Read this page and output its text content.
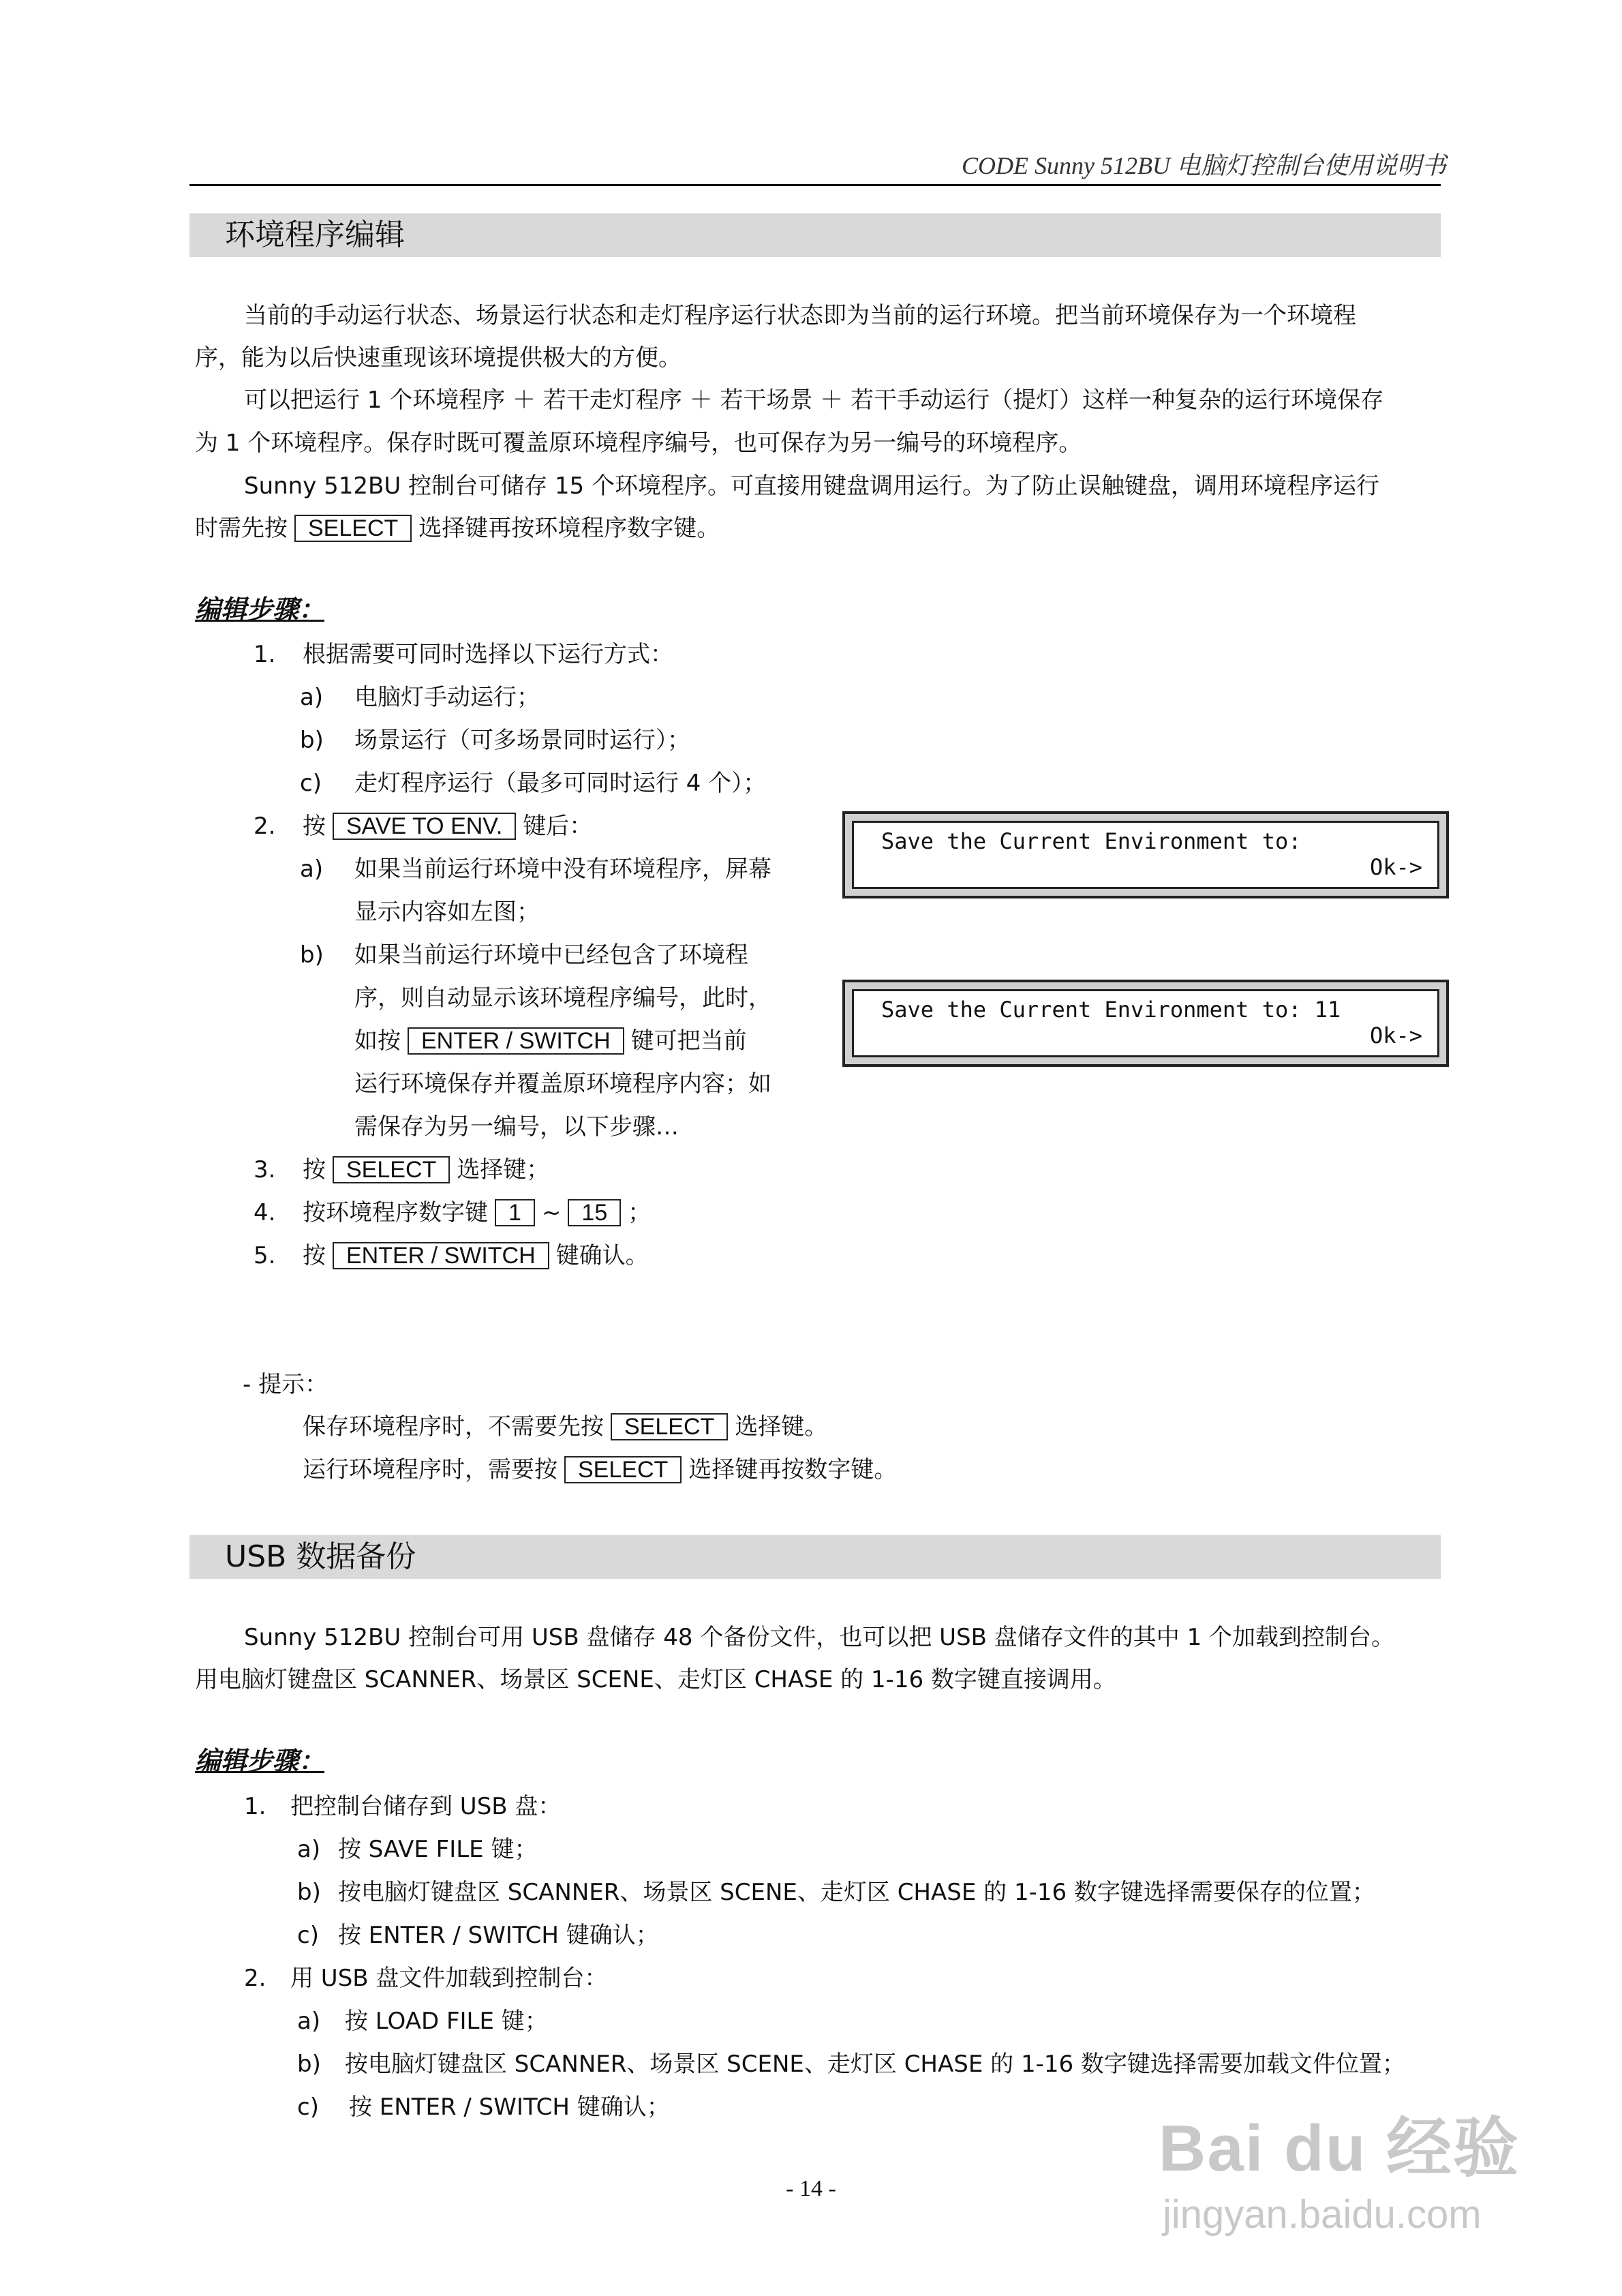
CODE Sunny 512BU 电脑灯控制台使用说明书
环境程序编辑
当前的手动运行状态、场景运行状态和走灯程序运行状态即为当前的运行环境。把当前环境保存为一个环境程
序，能为以后快速重现该环境提供极大的方便。
可以把运行 1 个环境程序 ＋ 若干走灯程序 ＋ 若干场景 ＋ 若干手动运行（提灯）这样一种复杂的运行环境保存
为 1 个环境程序。保存时既可覆盖原环境程序编号，也可保存为另一编号的环境程序。
Sunny 512BU 控制台可储存 15 个环境程序。可直接用键盘调用运行。为了防止误触键盘，调用环境程序运行
时需先按 SELECT 选择键再按环境程序数字键。
编辑步骤：
1. 根据需要可同时选择以下运行方式：
a) 电脑灯手动运行；
b) 场景运行（可多场景同时运行）；
c) 走灯程序运行（最多可同时运行 4 个）；
2. 按 SAVE TO ENV. 键后：
a) 如果当前运行环境中没有环境程序，屏幕
显示内容如左图；
b) 如果当前运行环境中已经包含了环境程
序，则自动显示该环境程序编号，此时，
如按 ENTER / SWITCH 键可把当前
运行环境保存并覆盖原环境程序内容；如
需保存为另一编号，以下步骤…
3. 按 SELECT 选择键；
4. 按环境程序数字键 1 ~ 15 ；
5. 按 ENTER / SWITCH 键确认。
Save the Current Environment to:
Ok->
Save the Current Environment to: 11
Ok->
- 提示：
保存环境程序时，不需要先按 SELECT 选择键。
运行环境程序时，需要按 SELECT 选择键再按数字键。
USB 数据备份
Sunny 512BU 控制台可用 USB 盘储存 48 个备份文件，也可以把 USB 盘储存文件的其中 1 个加载到控制台。
用电脑灯键盘区 SCANNER、场景区 SCENE、走灯区 CHASE 的 1-16 数字键直接调用。
编辑步骤：
1. 把控制台储存到 USB 盘：
a) 按 SAVE FILE 键；
b) 按电脑灯键盘区 SCANNER、场景区 SCENE、走灯区 CHASE 的 1-16 数字键选择需要保存的位置；
c) 按 ENTER / SWITCH 键确认；
2. 用 USB 盘文件加载到控制台：
a) 按 LOAD FILE 键；
b) 按电脑灯键盘区 SCANNER、场景区 SCENE、走灯区 CHASE 的 1-16 数字键选择需要加载文件位置；
c) 按 ENTER / SWITCH 键确认；
- 14 -
Bai du 经验
jingyan.baidu.com
